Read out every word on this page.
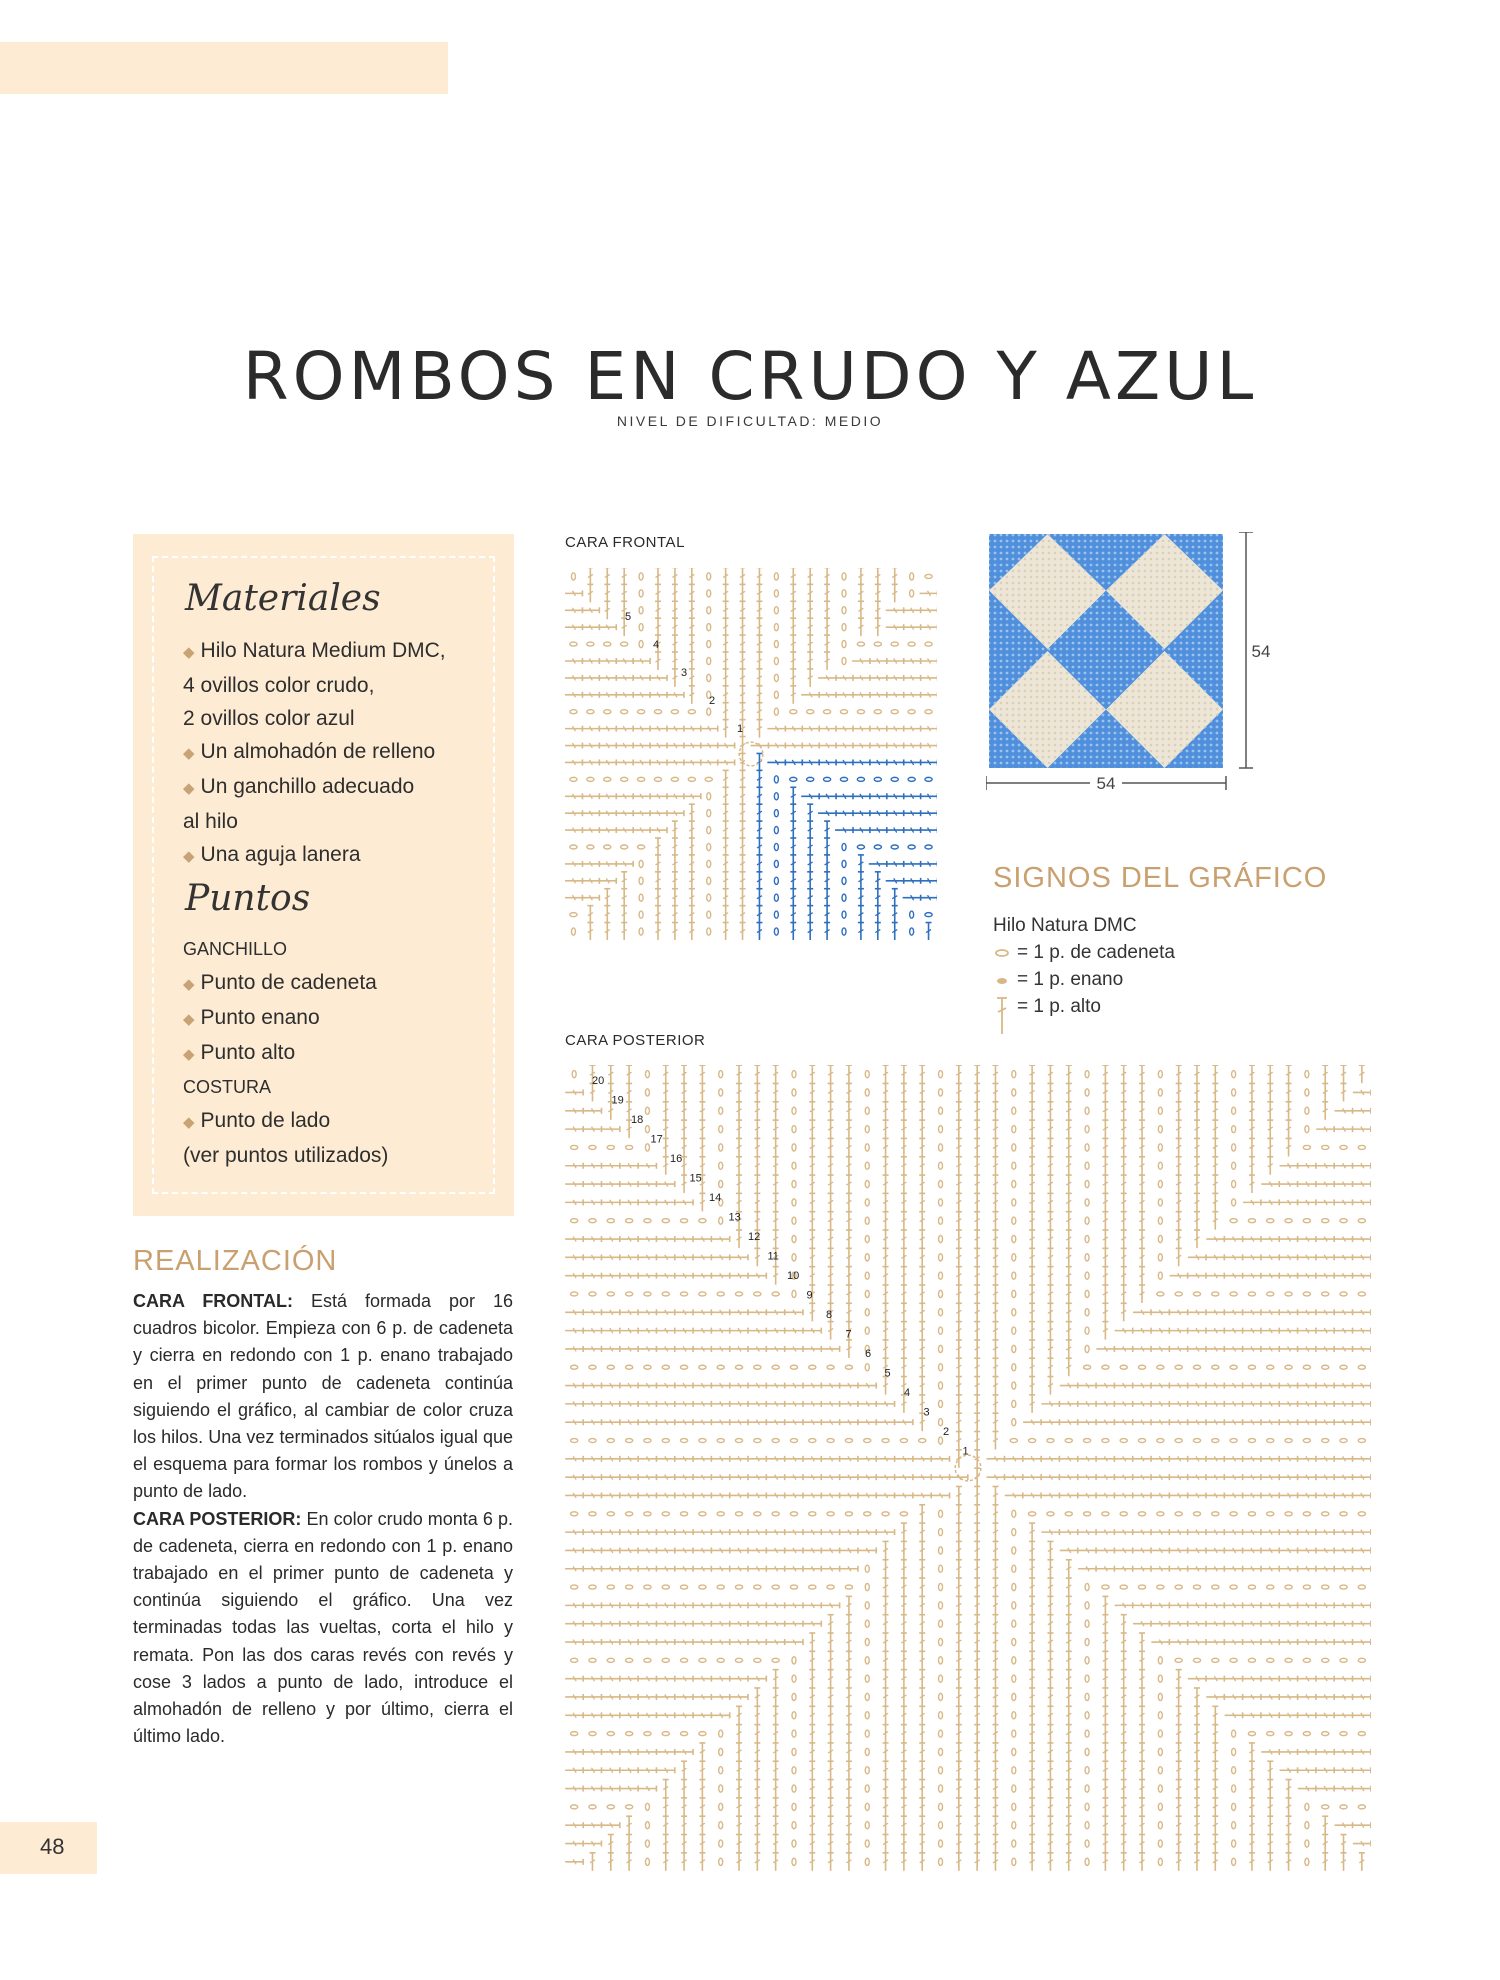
ROMBOS EN CRUDO Y AZUL
NIVEL DE DIFICULTAD: MEDIO
Materiales
◆ Hilo Natura Medium DMC,
4 ovillos color crudo,
2 ovillos color azul
◆ Un almohadón de relleno
◆ Un ganchillo adecuado
al hilo
◆ Una aguja lanera
Puntos
GANCHILLO
◆ Punto de cadeneta
◆ Punto enano
◆ Punto alto
COSTURA
◆ Punto de lado
(ver puntos utilizados)
REALIZACIÓN
CARA FRONTAL: Está formada por 16 cuadros bicolor. Empieza con 6 p. de cadeneta y cierra en redondo con 1 p. enano trabajado en el primer punto de cadeneta continúa siguiendo el gráfico, al cambiar de color cruza los hilos. Una vez terminados sitúalos igual que el esquema para formar los rombos y únelos a punto de lado.
CARA POSTERIOR: En color crudo monta 6 p. de cadeneta, cierra en redondo con 1 p. enano trabajado en el primer punto de cadeneta y continúa siguiendo el gráfico. Una vez terminadas todas las vueltas, corta el hilo y remata. Pon las dos caras revés con revés y cose 3 lados a punto de lado, introduce el almohadón de relleno y por último, cierra el último lado.
CARA FRONTAL
CARA POSTERIOR
5
4
3
2
1
54
54
SIGNOS DEL GRÁFICO
Hilo Natura DMC
= 1 p. de cadeneta
= 1 p. enano
= 1 p. alto
20
19
18
17
16
15
14
13
12
11
10
9
8
7
6
5
4
3
2
1
48
